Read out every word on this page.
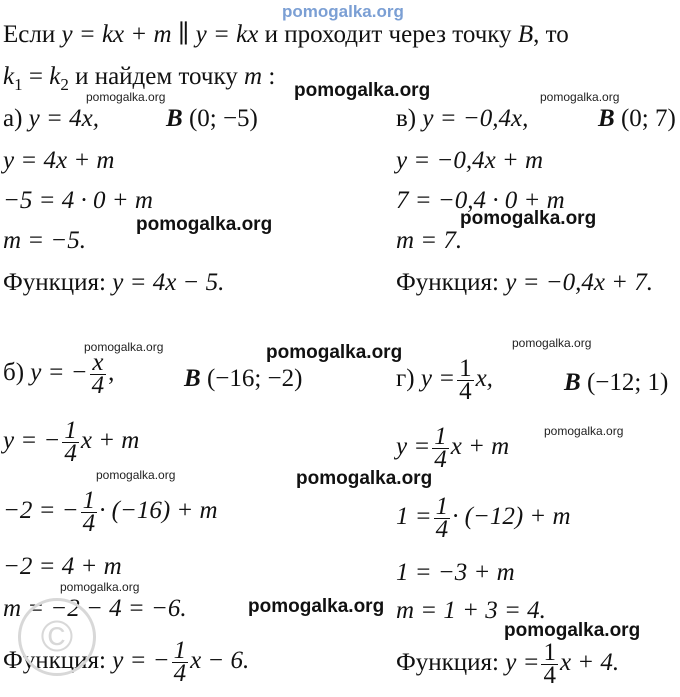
pomogalka.org
Если y = kx + m ∥ y = kx и проходит через точку B, то
$k_1 = k_2$ и найдем точку m :
а) y = 4x,	B (0; −5)
y = 4x + m
−5 = 4 · 0 + m
m = −5.
Функция: y = 4x − 5.
в) y = −0,4x,	B (0; 7)
y = −0,4x + m
7 = −0,4 · 0 + m
m = 7.
Функция: y = −0,4x + 7.
б) y = − $\frac{x}{4}$ ,	B (−16; −2)
y = − $\frac{1}{4}$ x + m
−2 = − $\frac{1}{4} \cdot (-16) + m$
−2 = 4 + m
m = −2 − 4 = −6.
Функция: y = − $\frac{1}{4}$ x − 6.
г) $y = \frac{1}{4} x$,	B (−12; 1)
$y = \frac{1}{4}$ x + m
$1 = \frac{1}{4} \cdot (-12) + m$
1 = −3 + m
m = 1 + 3 = 4.
Функция: $y = \frac{1}{4}$ x + 4.
©
pomogalka.org
pomogalka.org	pomogalka.org
pomogalka.org	pomogalka.org
pomogalka.org	pomogalka.org	pomogalka.org
pomogalka.org
pomogalka.org	pomogalka.org
pomogalka.org
pomogalka.org
pomogalka.org
